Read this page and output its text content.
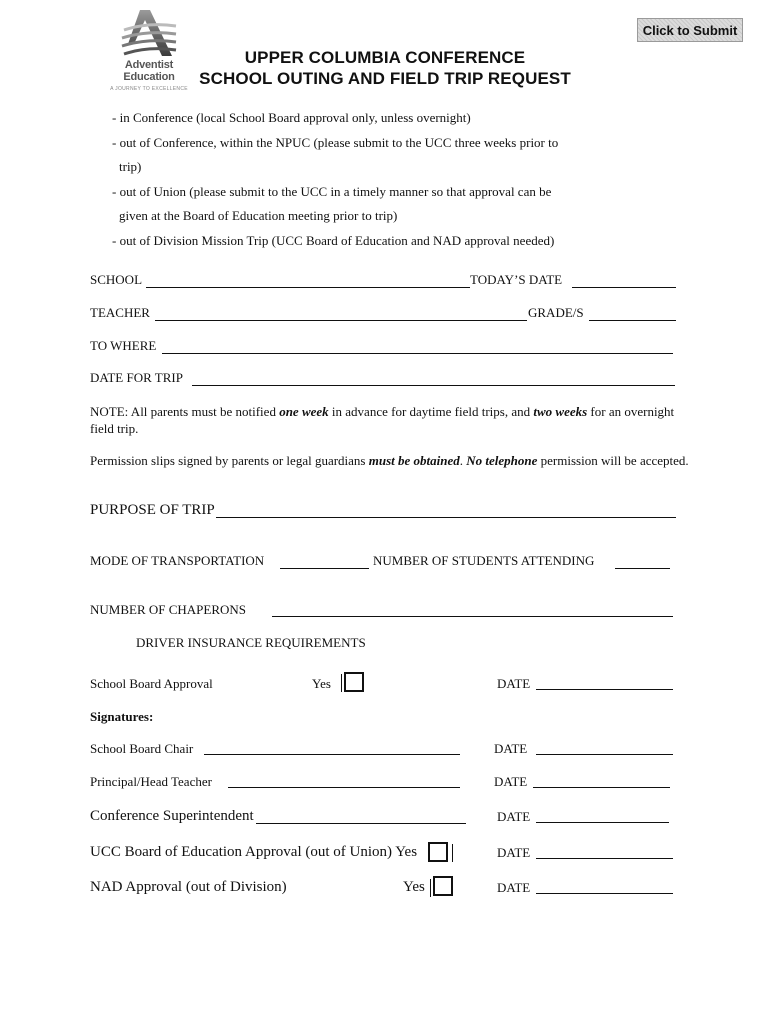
Click to Submit
Adventist
Education
A JOURNEY TO EXCELLENCE
UPPER COLUMBIA CONFERENCE
SCHOOL OUTING AND FIELD TRIP REQUEST
- in Conference (local School Board approval only, unless overnight)
- out of Conference, within the NPUC (please submit to the UCC three weeks prior to
trip)
- out of Union (please submit to the UCC in a timely manner so that approval can be
given at the Board of Education meeting prior to trip)
- out of Division Mission Trip (UCC Board of Education and NAD approval needed)
SCHOOL	TODAY’S DATE
TEACHER	GRADE/S
TO WHERE
DATE FOR TRIP
NOTE: All parents must be notified one week in advance for daytime field trips, and two weeks for an overnight field trip.
Permission slips signed by parents or legal guardians must be obtained. No telephone permission will be accepted.
PURPOSE OF TRIP
MODE OF TRANSPORTATION	NUMBER OF STUDENTS ATTENDING
NUMBER OF CHAPERONS
DRIVER INSURANCE REQUIREMENTS
School Board Approval	Yes	DATE
Signatures:
School Board Chair	DATE
Principal/Head Teacher	DATE
Conference Superintendent	DATE
UCC Board of Education Approval (out of Union) Yes	DATE
NAD Approval (out of Division)	Yes	DATE
